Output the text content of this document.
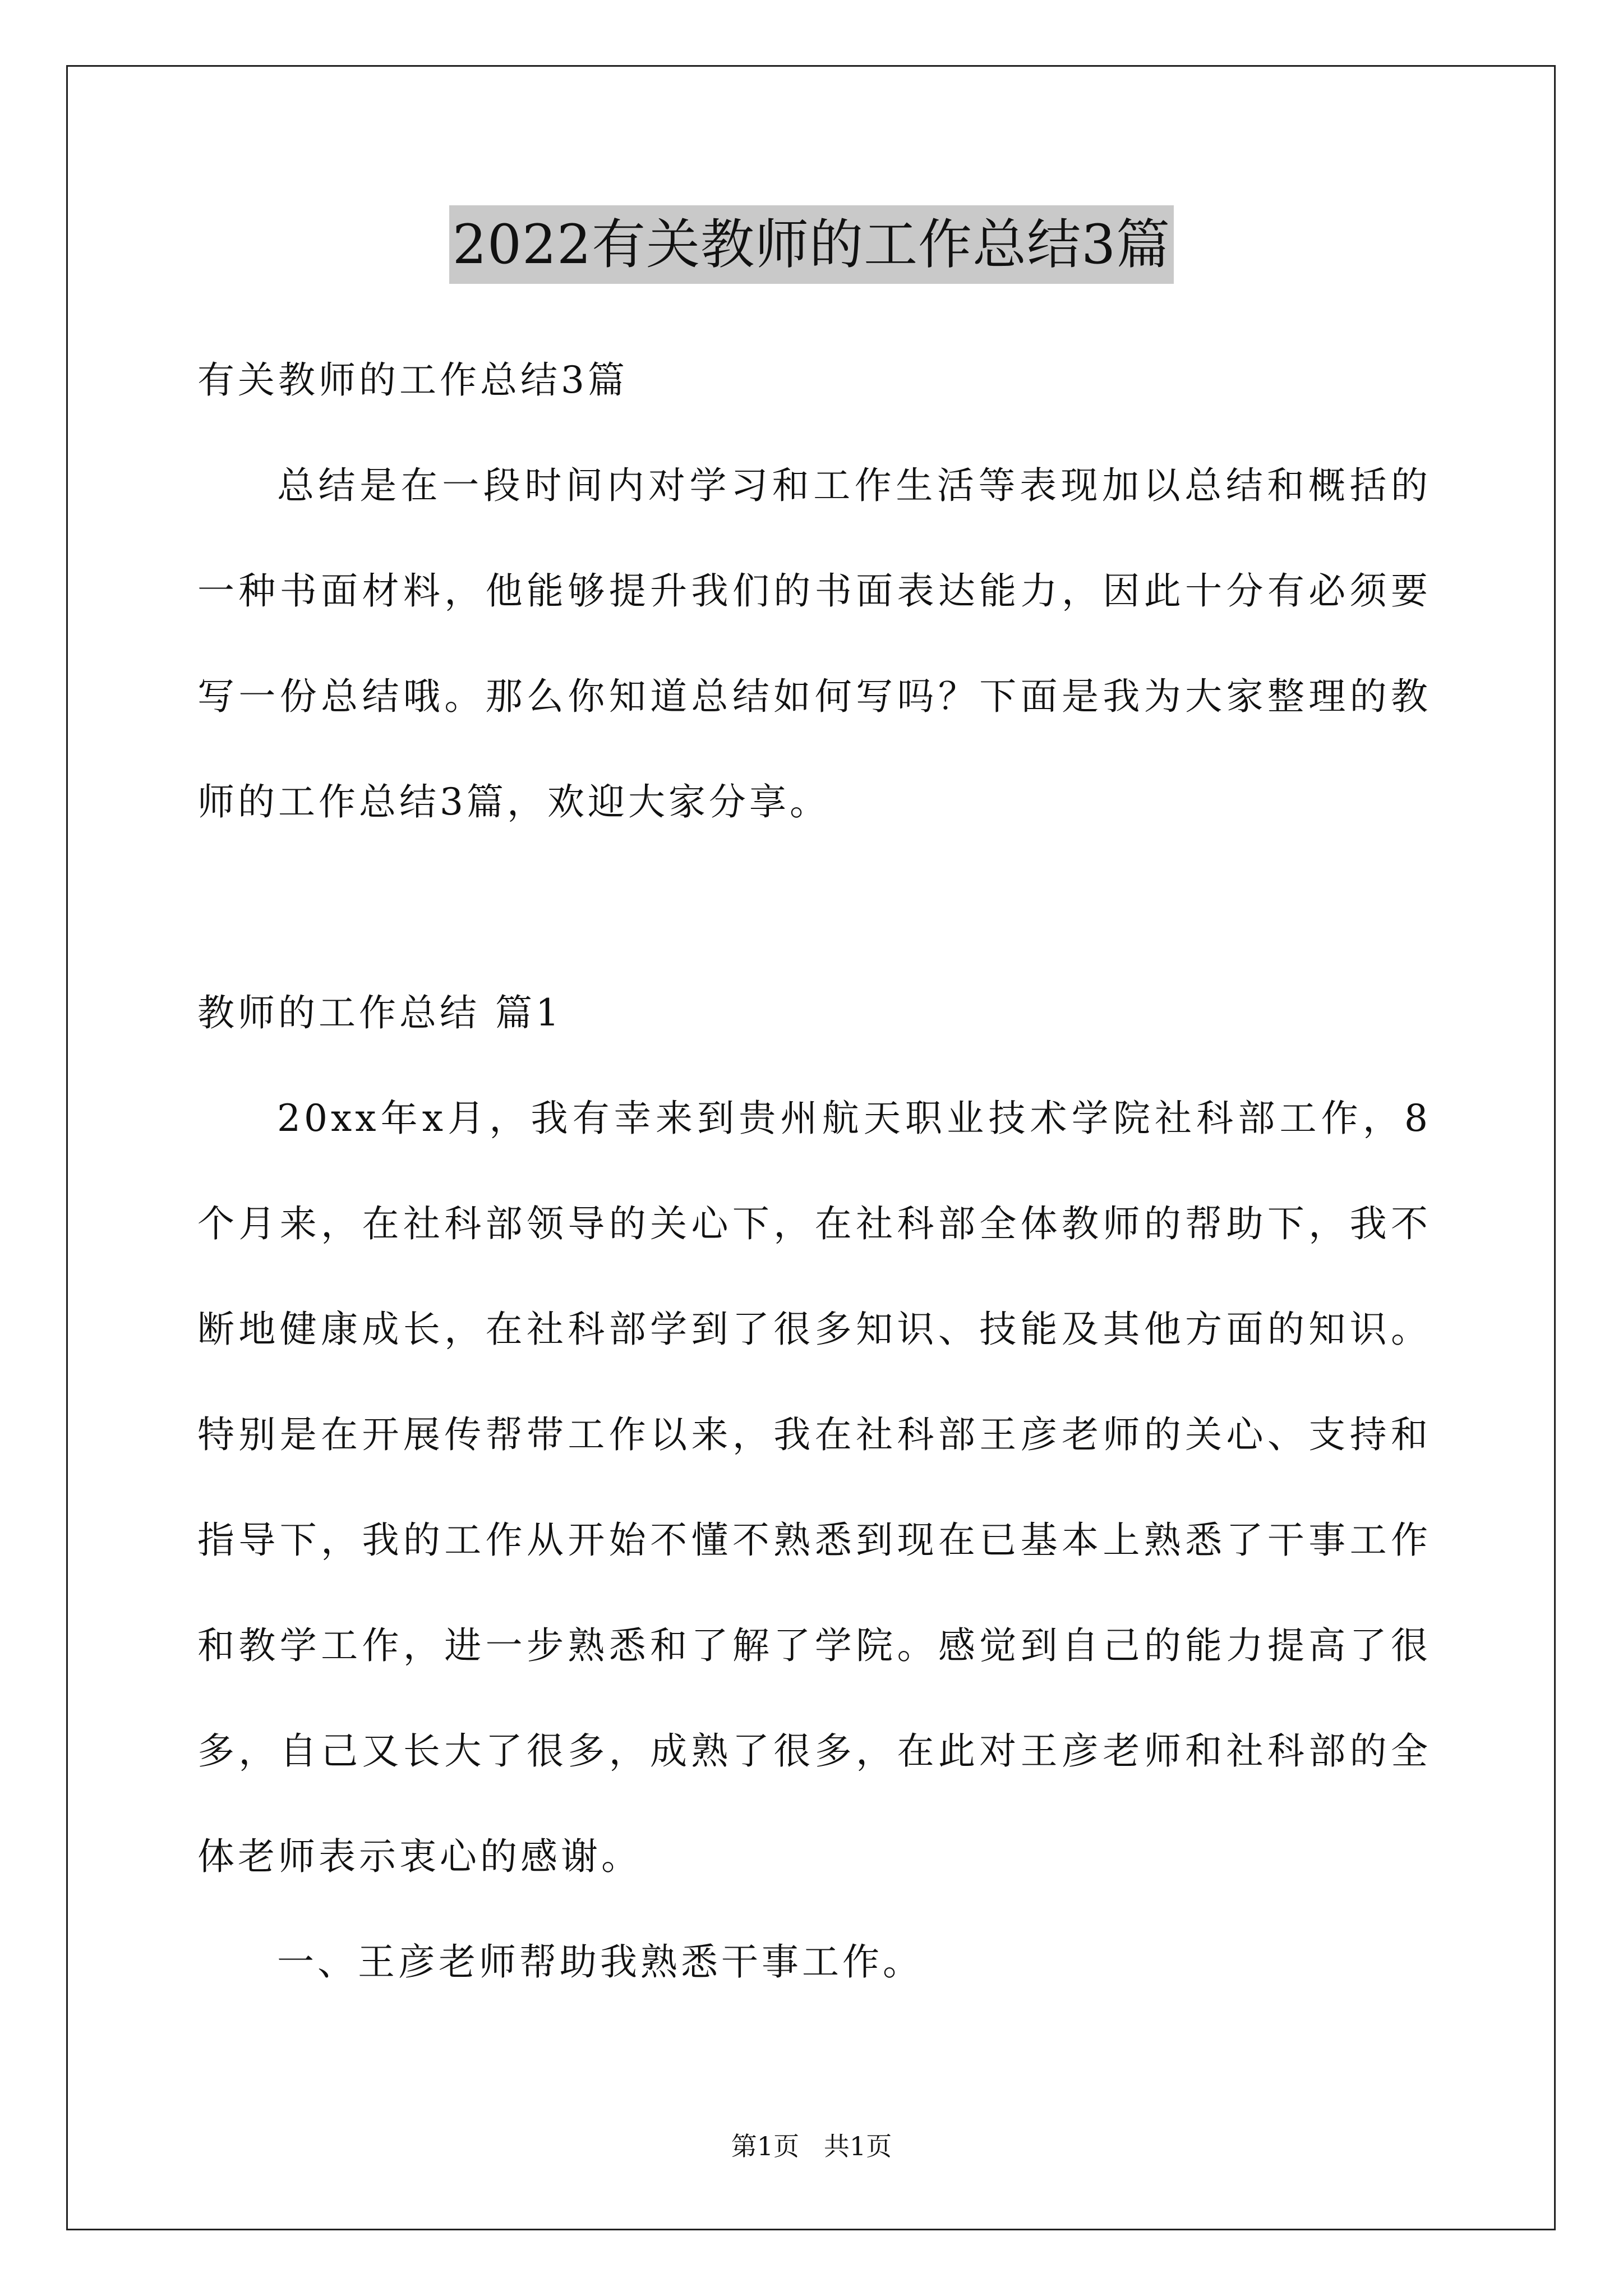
2022有关教师的工作总结3篇

有关教师的工作总结3篇

总结是在一段时间内对学习和工作生活等表现加以总结和概括的一种书面材料，他能够提升我们的书面表达能力，因此十分有必须要写一份总结哦。那么你知道总结如何写吗？下面是我为大家整理的教师的工作总结3篇，欢迎大家分享。

教师的工作总结 篇1

20xx年x月，我有幸来到贵州航天职业技术学院社科部工作，8个月来，在社科部领导的关心下，在社科部全体教师的帮助下，我不断地健康成长，在社科部学到了很多知识、技能及其他方面的知识。特别是在开展传帮带工作以来，我在社科部王彦老师的关心、支持和指导下，我的工作从开始不懂不熟悉到现在已基本上熟悉了干事工作和教学工作，进一步熟悉和了解了学院。感觉到自己的能力提高了很多，自己又长大了很多，成熟了很多，在此对王彦老师和社科部的全体老师表示衷心的感谢。

一、王彦老师帮助我熟悉干事工作。

第1页   共1页
